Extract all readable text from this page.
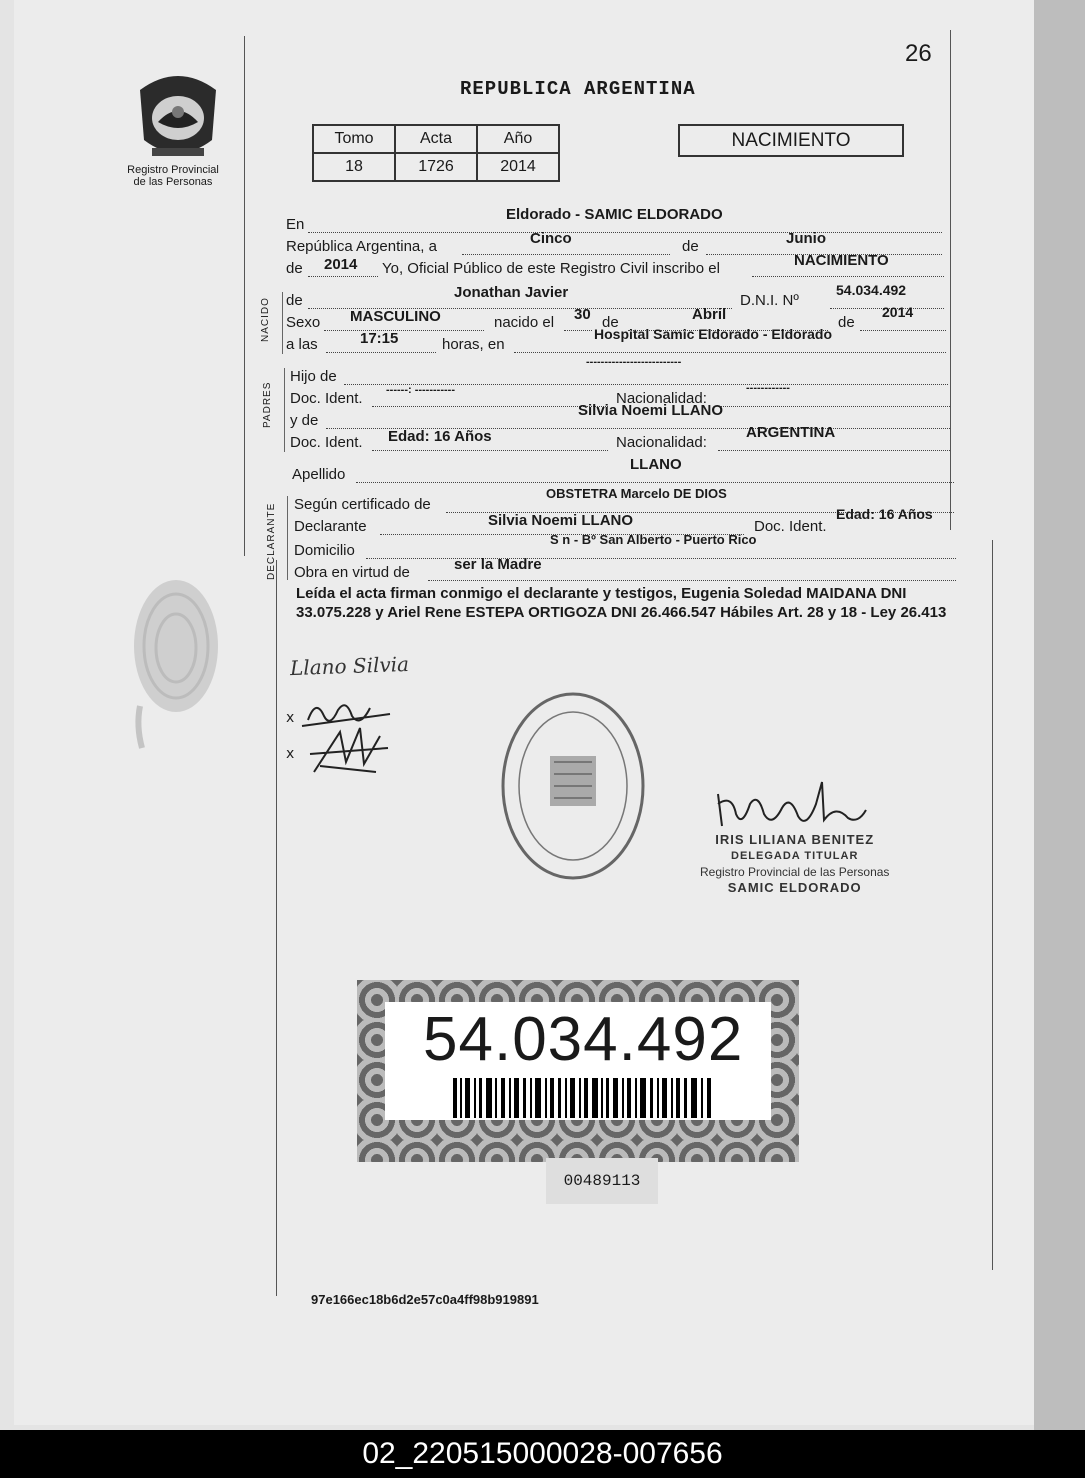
26
Registro Provincial
de las Personas
REPUBLICA ARGENTINA
Tomo	Acta	Año
18	1726	2014
NACIMIENTO
En
Eldorado - SAMIC ELDORADO
República Argentina, a	Cinco	de	Junio
de 2014 Yo, Oficial Público de este Registro Civil inscribo el	NACIMIENTO
NACIDO de	Jonathan Javier	D.N.I. Nº
54.034.492
Sexo MASCULINO	nacido el 30 de	Abril	de
2014
a las	17:15	horas, en
Hospital Samic Eldorado - Eldorado
PADRES
Hijo de
--------------------------
Doc. Ident. ------: -----------	Nacionalidad:
------------
y de
Silvia Noemi LLANO
Doc. Ident. Edad: 16 Años	Nacionalidad:
ARGENTINA
Apellido
LLANO
DECLARANTE Según certificado de
OBSTETRA Marcelo DE DIOS
Declarante	Silvia Noemi LLANO	Doc. Ident.
Edad: 16 Años
Domicilio
S n - Bº San Alberto - Puerto Rico
Obra en virtud de	ser la Madre
Leída el acta firman conmigo el declarante y testigos, Eugenia Soledad MAIDANA DNI 33.075.228 y Ariel Rene ESTEPA ORTIGOZA DNI 26.466.547 Hábiles Art. 28 y 18 - Ley 26.413
Llano Silvia
x
x
IRIS LILIANA BENITEZ
DELEGADA TITULAR
Registro Provincial de las Personas
SAMIC ELDORADO
54.034.492
00489113
97e166ec18b6d2e57c0a4ff98b919891
02_220515000028-007656
